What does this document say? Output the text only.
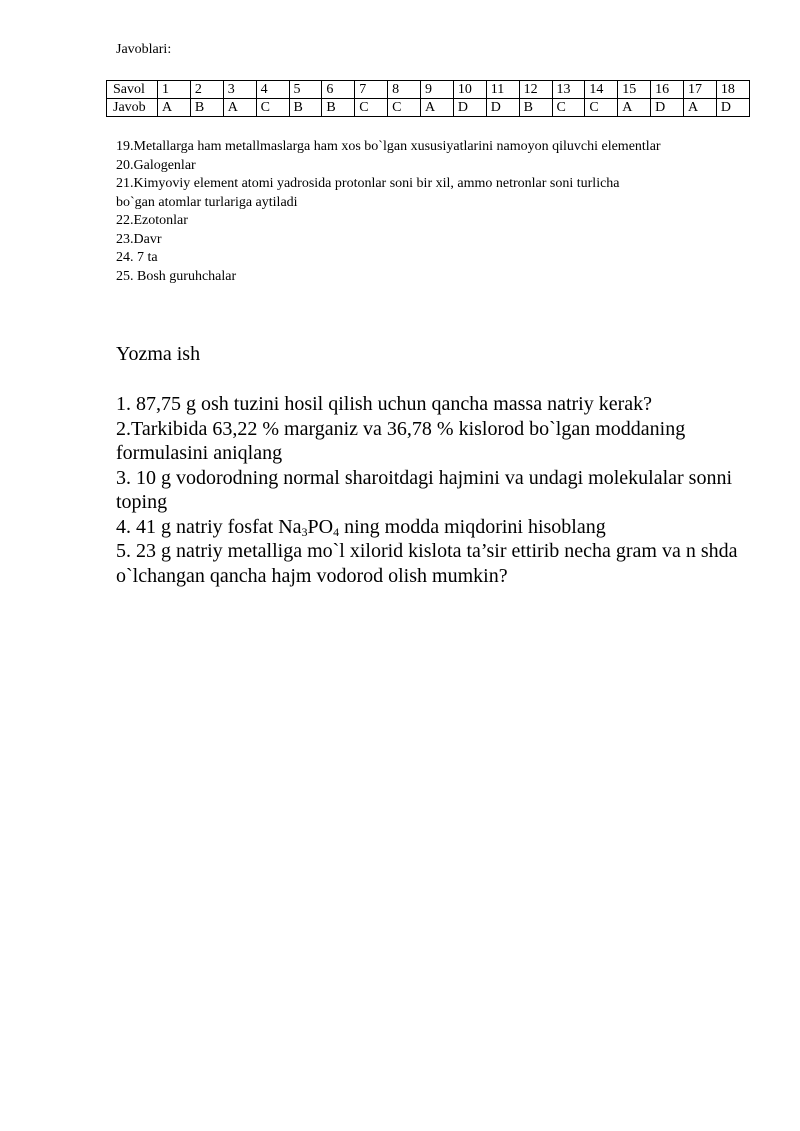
Javoblari:
Savol	1	2	3	4	5	6	7	8	9	10	11	12	13	14	15	16	17	18
Javob	A	B	A	C	B	B	C	C	A	D	D	B	C	C	A	D	A	D
19.Metallarga ham metallmaslarga ham xos bo`lgan xususiyatlarini namoyon qiluvchi elementlar
20.Galogenlar
21.Kimyoviy element atomi yadrosida protonlar soni bir xil, ammo netronlar soni turlicha
bo`gan atomlar turlariga aytiladi
22.Ezotonlar
23.Davr
24. 7 ta
25. Bosh guruhchalar
Yozma ish

1. 87,75 g osh tuzini hosil qilish uchun qancha massa natriy kerak?

2.Tarkibida 63,22 % marganiz va 36,78 % kislorod bo`lgan moddaning formulasini aniqlang

3. 10 g vodorodning normal sharoitdagi hajmini va undagi molekulalar sonni toping

4. 41 g natriy fosfat $Na_3PO_4$ ning modda miqdorini hisoblang

5. 23 g natriy metalliga mo`l xilorid kislota ta’sir ettirib necha gram va n shda o`lchangan qancha hajm vodorod olish mumkin?
